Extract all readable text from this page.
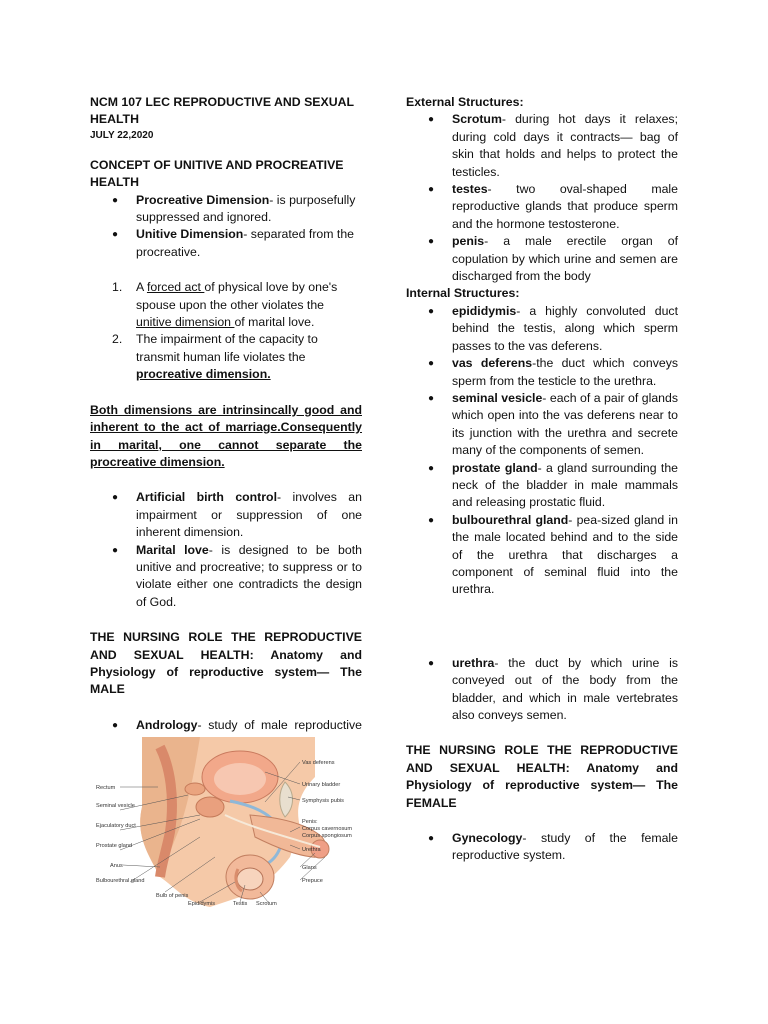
NCM 107 LEC REPRODUCTIVE AND SEXUAL HEALTH
JULY 22,2020
CONCEPT OF UNITIVE AND PROCREATIVE HEALTH
● Procreative Dimension- is purposefully suppressed and ignored.
● Unitive Dimension- separated from the procreative.
1. A forced act of physical love by one's spouse upon the other violates the unitive dimension of marital love.
2. The impairment of the capacity to transmit human life violates the procreative dimension.
Both dimensions are intrinsincally good and inherent to the act of marriage.Consequently in marital, one cannot separate the procreative dimension.
● Artificial birth control- involves an impairment or suppression of one inherent dimension.
● Marital love- is designed to be both unitive and procreative; to suppress or to violate either one contradicts the design of God.
THE NURSING ROLE THE REPRODUCTIVE AND SEXUAL HEALTH: Anatomy and Physiology of reproductive system— The MALE
● Andrology- study of male reproductive
Rectum
Seminal vesicle
Ejaculatory duct
Prostate gland
Anus
Bulbourethral gland
Bulb of penis
Epididymis	Testis Scrotum
Vas deferens
Urinary bladder
Symphysis pubis
Penis:
Corpus cavernosum
Corpus spongiosum
Urethra
Glans
Prepuce
External Structures:
● Scrotum- during hot days it relaxes; during cold days it contracts— bag of skin that holds and helps to protect the testicles.
● testes- two oval-shaped male reproductive glands that produce sperm and the hormone testosterone.
● penis- a male erectile organ of copulation by which urine and semen are discharged from the body
Internal Structures:
● epididymis- a highly convoluted duct behind the testis, along which sperm passes to the vas deferens.
● vas deferens-the duct which conveys sperm from the testicle to the urethra.
● seminal vesicle- each of a pair of glands which open into the vas deferens near to its junction with the urethra and secrete many of the components of semen.
● prostate gland- a gland surrounding the neck of the bladder in male mammals and releasing prostatic fluid.
● bulbourethral gland- pea-sized gland in the male located behind and to the side of the urethra that discharges a component of seminal fluid into the urethra.
● urethra- the duct by which urine is conveyed out of the body from the bladder, and which in male vertebrates also conveys semen.
THE NURSING ROLE THE REPRODUCTIVE AND SEXUAL HEALTH: Anatomy and Physiology of reproductive system— The FEMALE
● Gynecology- study of the female reproductive system.
